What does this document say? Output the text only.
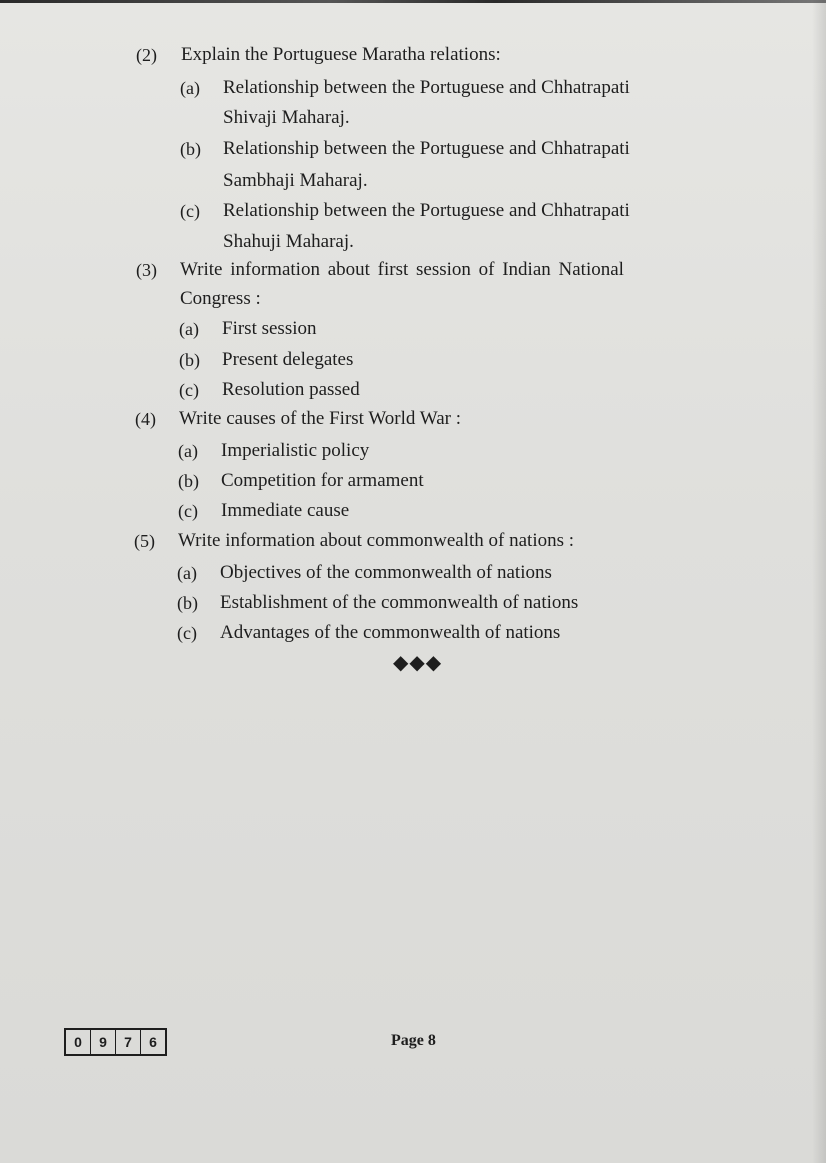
(2) Explain the Portuguese Maratha relations:
(a) Relationship between the Portuguese and Chhatrapati
Shivaji Maharaj.
(b) Relationship between the Portuguese and Chhatrapati
Sambhaji Maharaj.
(c) Relationship between the Portuguese and Chhatrapati
Shahuji Maharaj.
(3) Write information about first session of Indian National
Congress :
(a) First session
(b) Present delegates
(c) Resolution passed
(4) Write causes of the First World War :
(a) Imperialistic policy
(b) Competition for armament
(c) Immediate cause
(5) Write information about commonwealth of nations :
(a) Objectives of the commonwealth of nations
(b) Establishment of the commonwealth of nations
(c) Advantages of the commonwealth of nations
◆◆◆
0	9	7	6	Page 8
